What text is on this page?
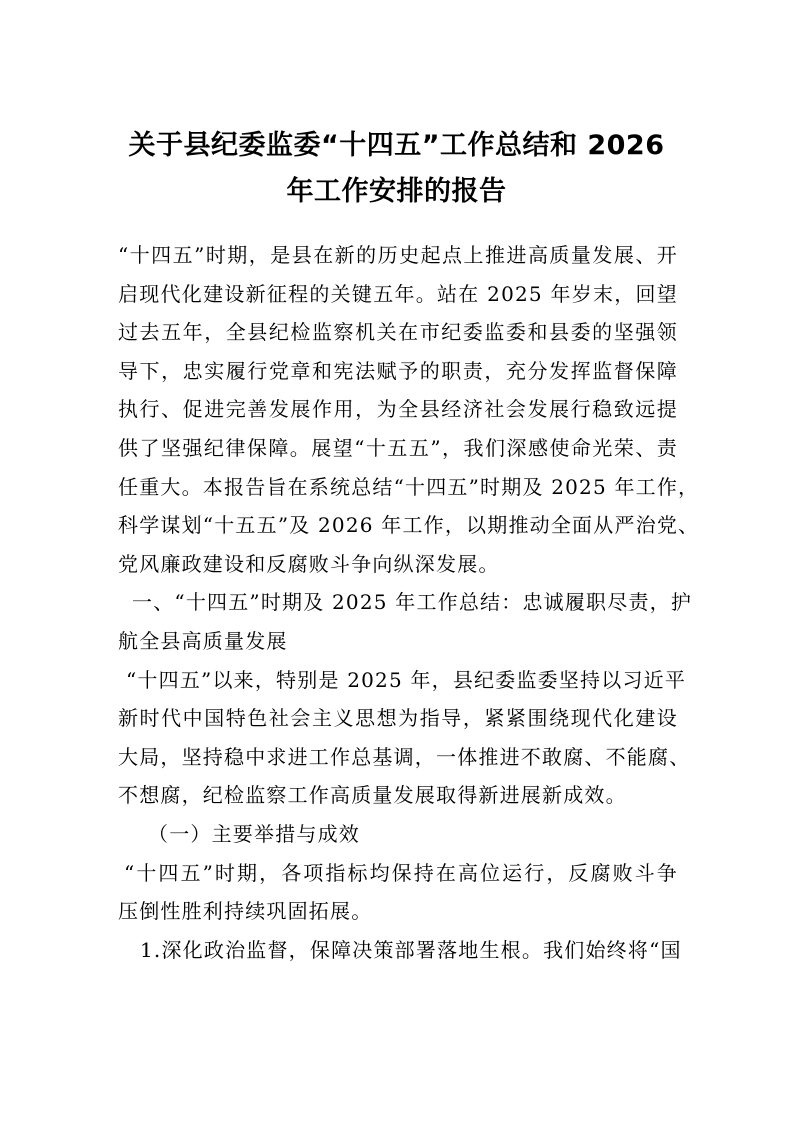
关于县纪委监委“十四五”工作总结和 2026
年工作安排的报告
“十四五”时期，是县在新的历史起点上推进高质量发展、开
启现代化建设新征程的关键五年。站在 2025 年岁末，回望
过去五年，全县纪检监察机关在市纪委监委和县委的坚强领
导下，忠实履行党章和宪法赋予的职责，充分发挥监督保障
执行、促进完善发展作用，为全县经济社会发展行稳致远提
供了坚强纪律保障。展望“十五五”，我们深感使命光荣、责
任重大。本报告旨在系统总结“十四五”时期及 2025 年工作，
科学谋划“十五五”及 2026 年工作，以期推动全面从严治党、
党风廉政建设和反腐败斗争向纵深发展。
一、“十四五”时期及 2025 年工作总结：忠诚履职尽责，护
航全县高质量发展
“十四五”以来，特别是 2025 年，县纪委监委坚持以习近平
新时代中国特色社会主义思想为指导，紧紧围绕现代化建设
大局，坚持稳中求进工作总基调，一体推进不敢腐、不能腐、
不想腐，纪检监察工作高质量发展取得新进展新成效。
（一）主要举措与成效
“十四五”时期，各项指标均保持在高位运行，反腐败斗争
压倒性胜利持续巩固拓展。
1.深化政治监督，保障决策部署落地生根。我们始终将“国
